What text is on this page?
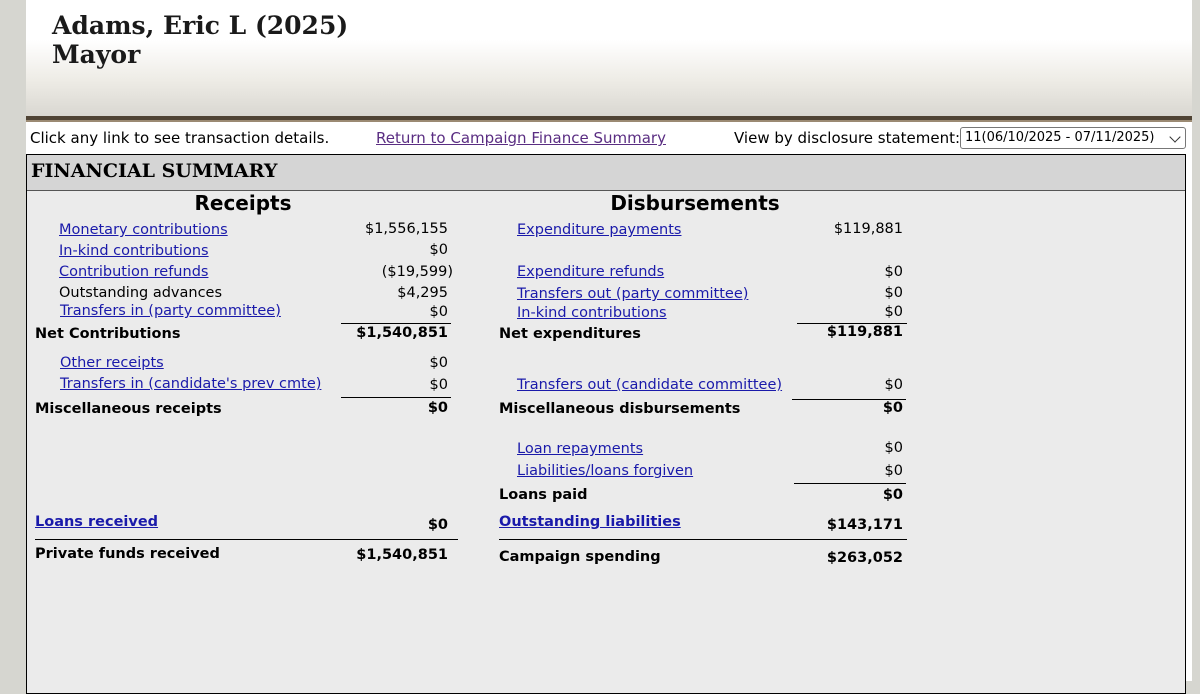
Adams, Eric L (2025)
Mayor
Click any link to see transaction details.	Return to Campaign Finance Summary	View by disclosure statement: 11(06/10/2025 - 07/11/2025)
FINANCIAL SUMMARY
Receipts
Monetary contributions	$1,556,155
In-kind contributions	$0
Contribution refunds	($19,599)
Outstanding advances	$4,295
Transfers in (party committee)	$0
Net Contributions	$1,540,851
Other receipts	$0
Transfers in (candidate's prev cmte)	$0
Miscellaneous receipts	$0
Loans received	$0
Private funds received	$1,540,851
Disbursements
Expenditure payments	$119,881
Expenditure refunds	$0
Transfers out (party committee)	$0
In-kind contributions	$0
Net expenditures	$119,881
Transfers out (candidate committee)	$0
Miscellaneous disbursements	$0
Loan repayments	$0
Liabilities/loans forgiven	$0
Loans paid	$0
Outstanding liabilities	$143,171
Campaign spending	$263,052
